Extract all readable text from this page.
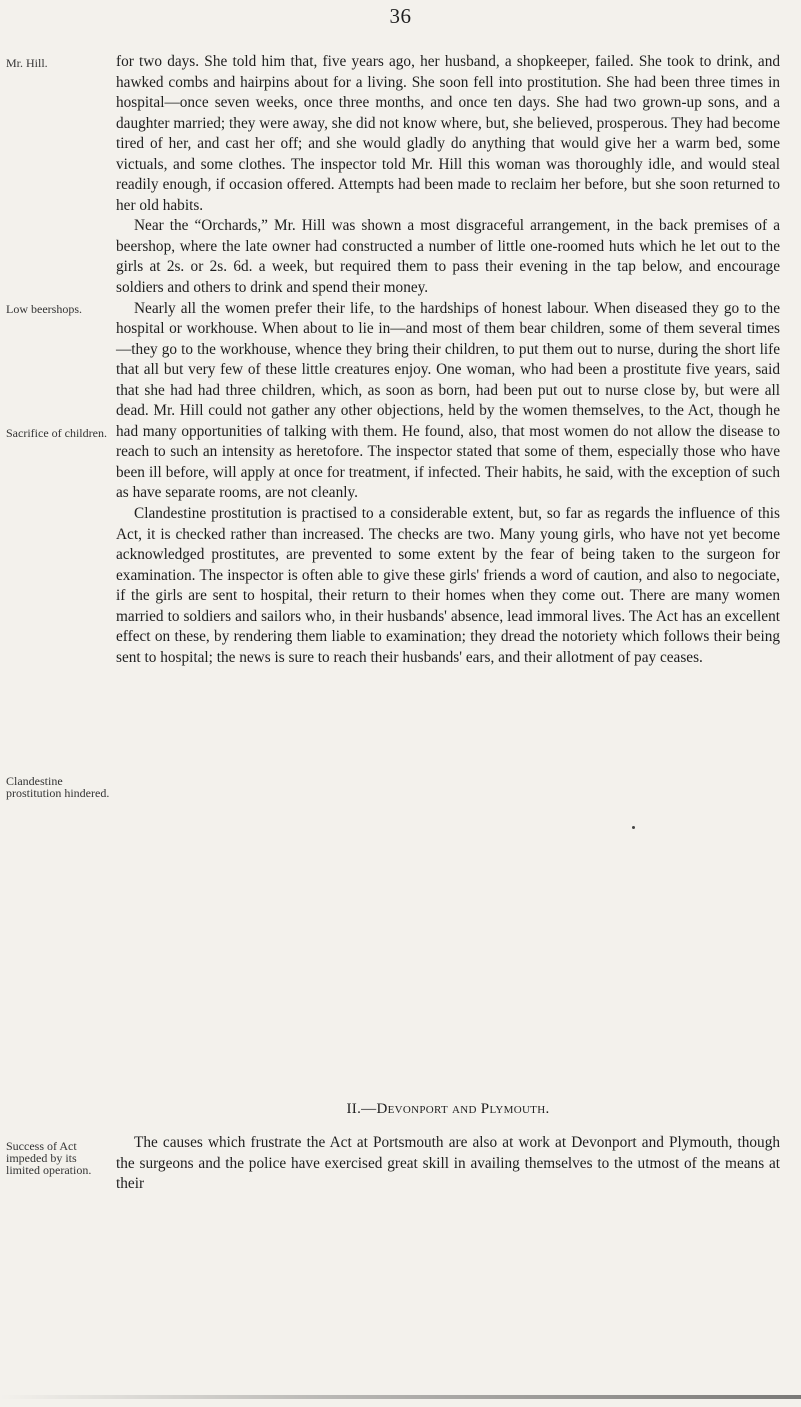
36
Mr. Hill.
Low beershops.
Sacrifice of children.
Clandestine prostitution hindered.
Success of Act impeded by its limited operation.

for two days. She told him that, five years ago, her husband, a shopkeeper, failed. She took to drink, and hawked combs and hairpins about for a living. She soon fell into prostitution. She had been three times in hospital—once seven weeks, once three months, and once ten days. She had two grown-up sons, and a daughter married; they were away, she did not know where, but, she believed, prosperous. They had become tired of her, and cast her off; and she would gladly do anything that would give her a warm bed, some victuals, and some clothes. The inspector told Mr. Hill this woman was thoroughly idle, and would steal readily enough, if occasion offered. Attempts had been made to reclaim her before, but she soon returned to her old habits.

Near the “Orchards,” Mr. Hill was shown a most disgraceful arrangement, in the back premises of a beershop, where the late owner had constructed a number of little one-roomed huts which he let out to the girls at 2s. or 2s. 6d. a week, but required them to pass their evening in the tap below, and encourage soldiers and others to drink and spend their money.

Nearly all the women prefer their life, to the hardships of honest labour. When diseased they go to the hospital or workhouse. When about to lie in—and most of them bear children, some of them several times—they go to the workhouse, whence they bring their children, to put them out to nurse, during the short life that all but very few of these little creatures enjoy. One woman, who had been a prostitute five years, said that she had had three children, which, as soon as born, had been put out to nurse close by, but were all dead. Mr. Hill could not gather any other objections, held by the women themselves, to the Act, though he had many opportunities of talking with them. He found, also, that most women do not allow the disease to reach to such an intensity as heretofore. The inspector stated that some of them, especially those who have been ill before, will apply at once for treatment, if infected. Their habits, he said, with the exception of such as have separate rooms, are not cleanly.

Clandestine prostitution is practised to a considerable extent, but, so far as regards the influence of this Act, it is checked rather than increased. The checks are two. Many young girls, who have not yet become acknowledged prostitutes, are prevented to some extent by the fear of being taken to the surgeon for examination. The inspector is often able to give these girls' friends a word of caution, and also to negociate, if the girls are sent to hospital, their return to their homes when they come out. There are many women married to soldiers and sailors who, in their husbands' absence, lead immoral lives. The Act has an excellent effect on these, by rendering them liable to examination; they dread the notoriety which follows their being sent to hospital; the news is sure to reach their husbands' ears, and their allotment of pay ceases.

II.—Devonport and Plymouth.

The causes which frustrate the Act at Portsmouth are also at work at Devonport and Plymouth, though the surgeons and the police have exercised great skill in availing themselves to the utmost of the means at their
